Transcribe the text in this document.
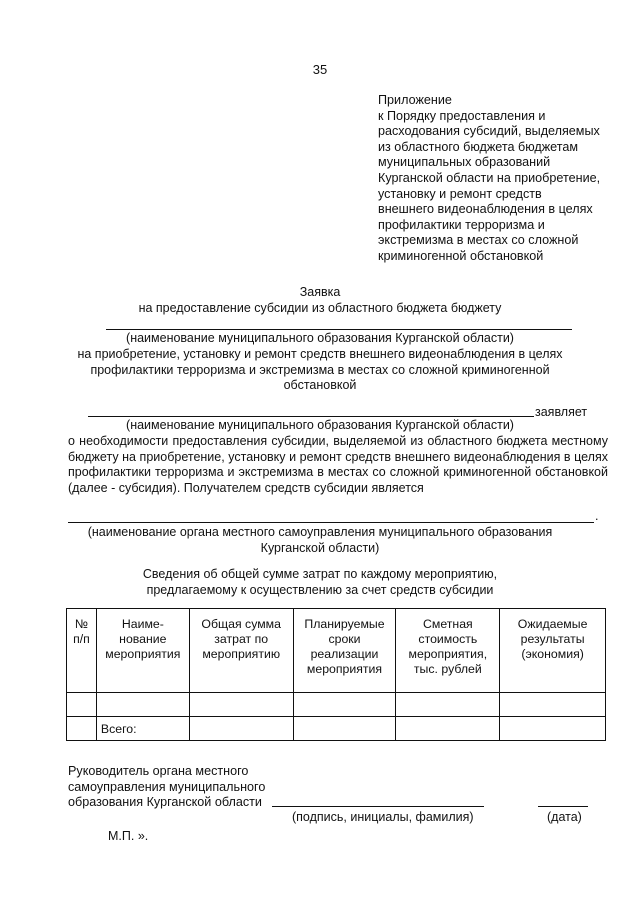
35
Приложение
к Порядку предоставления и
расходования субсидий, выделяемых
из областного бюджета бюджетам
муниципальных образований
Курганской области на приобретение,
установку и ремонт средств
внешнего видеонаблюдения в целях
профилактики терроризма и
экстремизма в местах со сложной
криминогенной обстановкой
Заявка
на предоставление субсидии из областного бюджета бюджету
(наименование муниципального образования Курганской области)
на приобретение, установку и ремонт средств внешнего видеонаблюдения в целях
профилактики терроризма и экстремизма в местах со сложной криминогенной
обстановкой
заявляет
(наименование муниципального образования Курганской области)
о необходимости предоставления субсидии, выделяемой из областного бюджета местному бюджету на приобретение, установку и ремонт средств внешнего видеонаблюдения в целях профилактики терроризма и экстремизма в местах со сложной криминогенной обстановкой (далее - субсидия). Получателем средств субсидии является
.
(наименование органа местного самоуправления муниципального образования
Курганской области)
Сведения об общей сумме затрат по каждому мероприятию,
предлагаемому к осуществлению за счет средств субсидии
№ п/п	Наиме-нование мероприятия	Общая сумма затрат по мероприятию	Планируемые сроки реализации мероприятия	Сметная стоимость мероприятия, тыс. рублей	Ожидаемые результаты (экономия)

	Всего:				
Руководитель органа местного
самоуправления муниципального
образования Курганской области
(подпись, инициалы, фамилия)	(дата)
М.П. ».
